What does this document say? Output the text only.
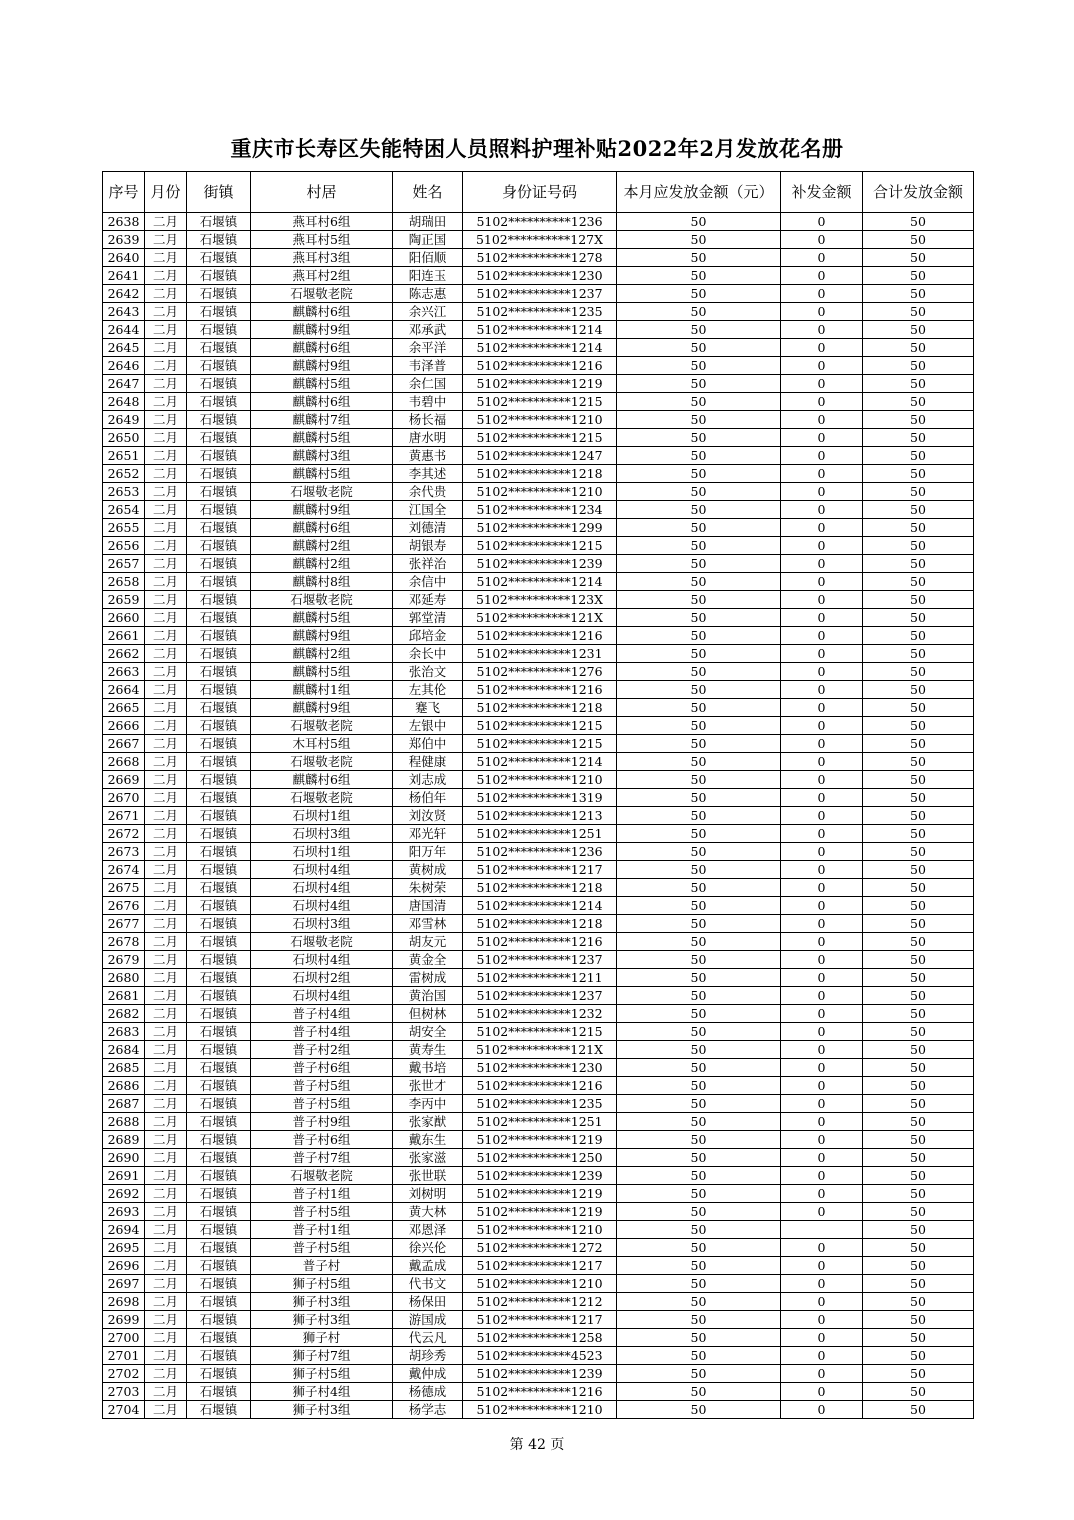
重庆市长寿区失能特困人员照料护理补贴2022年2月发放花名册
序号	月份	街镇	村居	姓名	身份证号码	本月应发放金额（元）	补发金额	合计发放金额
2638	二月	石堰镇	燕耳村6组	胡瑞田	5102**********1236	50	0	50
2639	二月	石堰镇	燕耳村5组	陶正国	5102**********127X	50	0	50
2640	二月	石堰镇	燕耳村3组	阳佰顺	5102**********1278	50	0	50
2641	二月	石堰镇	燕耳村2组	阳连玉	5102**********1230	50	0	50
2642	二月	石堰镇	石堰敬老院	陈志惠	5102**********1237	50	0	50
2643	二月	石堰镇	麒麟村6组	余兴江	5102**********1235	50	0	50
2644	二月	石堰镇	麒麟村9组	邓承武	5102**********1214	50	0	50
2645	二月	石堰镇	麒麟村6组	余平洋	5102**********1214	50	0	50
2646	二月	石堰镇	麒麟村9组	韦泽普	5102**********1216	50	0	50
2647	二月	石堰镇	麒麟村5组	余仁国	5102**********1219	50	0	50
2648	二月	石堰镇	麒麟村6组	韦碧中	5102**********1215	50	0	50
2649	二月	石堰镇	麒麟村7组	杨长福	5102**********1210	50	0	50
2650	二月	石堰镇	麒麟村5组	唐水明	5102**********1215	50	0	50
2651	二月	石堰镇	麒麟村3组	黄惠书	5102**********1247	50	0	50
2652	二月	石堰镇	麒麟村5组	李其述	5102**********1218	50	0	50
2653	二月	石堰镇	石堰敬老院	余代贵	5102**********1210	50	0	50
2654	二月	石堰镇	麒麟村9组	江国全	5102**********1234	50	0	50
2655	二月	石堰镇	麒麟村6组	刘德清	5102**********1299	50	0	50
2656	二月	石堰镇	麒麟村2组	胡银寿	5102**********1215	50	0	50
2657	二月	石堰镇	麒麟村2组	张祥治	5102**********1239	50	0	50
2658	二月	石堰镇	麒麟村8组	余信中	5102**********1214	50	0	50
2659	二月	石堰镇	石堰敬老院	邓延寿	5102**********123X	50	0	50
2660	二月	石堰镇	麒麟村5组	郭堂清	5102**********121X	50	0	50
2661	二月	石堰镇	麒麟村9组	邱培金	5102**********1216	50	0	50
2662	二月	石堰镇	麒麟村2组	余长中	5102**********1231	50	0	50
2663	二月	石堰镇	麒麟村5组	张治文	5102**********1276	50	0	50
2664	二月	石堰镇	麒麟村1组	左其伦	5102**********1216	50	0	50
2665	二月	石堰镇	麒麟村9组	蹇飞	5102**********1218	50	0	50
2666	二月	石堰镇	石堰敬老院	左银中	5102**********1215	50	0	50
2667	二月	石堰镇	木耳村5组	郑伯中	5102**********1215	50	0	50
2668	二月	石堰镇	石堰敬老院	程健康	5102**********1214	50	0	50
2669	二月	石堰镇	麒麟村6组	刘志成	5102**********1210	50	0	50
2670	二月	石堰镇	石堰敬老院	杨伯年	5102**********1319	50	0	50
2671	二月	石堰镇	石坝村1组	刘汝贤	5102**********1213	50	0	50
2672	二月	石堰镇	石坝村3组	邓光轩	5102**********1251	50	0	50
2673	二月	石堰镇	石坝村1组	阳万年	5102**********1236	50	0	50
2674	二月	石堰镇	石坝村4组	黄树成	5102**********1217	50	0	50
2675	二月	石堰镇	石坝村4组	朱树荣	5102**********1218	50	0	50
2676	二月	石堰镇	石坝村4组	唐国清	5102**********1214	50	0	50
2677	二月	石堰镇	石坝村3组	邓雪林	5102**********1218	50	0	50
2678	二月	石堰镇	石堰敬老院	胡友元	5102**********1216	50	0	50
2679	二月	石堰镇	石坝村4组	黄金全	5102**********1237	50	0	50
2680	二月	石堰镇	石坝村2组	雷树成	5102**********1211	50	0	50
2681	二月	石堰镇	石坝村4组	黄治国	5102**********1237	50	0	50
2682	二月	石堰镇	普子村4组	但树林	5102**********1232	50	0	50
2683	二月	石堰镇	普子村4组	胡安全	5102**********1215	50	0	50
2684	二月	石堰镇	普子村2组	黄寿生	5102**********121X	50	0	50
2685	二月	石堰镇	普子村6组	戴书培	5102**********1230	50	0	50
2686	二月	石堰镇	普子村5组	张世才	5102**********1216	50	0	50
2687	二月	石堰镇	普子村5组	李丙中	5102**********1235	50	0	50
2688	二月	石堰镇	普子村9组	张家猷	5102**********1251	50	0	50
2689	二月	石堰镇	普子村6组	戴东生	5102**********1219	50	0	50
2690	二月	石堰镇	普子村7组	张家滋	5102**********1250	50	0	50
2691	二月	石堰镇	石堰敬老院	张世联	5102**********1239	50	0	50
2692	二月	石堰镇	普子村1组	刘树明	5102**********1219	50	0	50
2693	二月	石堰镇	普子村5组	黄大林	5102**********1219	50	0	50
2694	二月	石堰镇	普子村1组	邓恩泽	5102**********1210	50		50
2695	二月	石堰镇	普子村5组	徐兴伦	5102**********1272	50	0	50
2696	二月	石堰镇	普子村	戴孟成	5102**********1217	50	0	50
2697	二月	石堰镇	狮子村5组	代书文	5102**********1210	50	0	50
2698	二月	石堰镇	狮子村3组	杨保田	5102**********1212	50	0	50
2699	二月	石堰镇	狮子村3组	游国成	5102**********1217	50	0	50
2700	二月	石堰镇	狮子村	代云凡	5102**********1258	50	0	50
2701	二月	石堰镇	狮子村7组	胡珍秀	5102**********4523	50	0	50
2702	二月	石堰镇	狮子村5组	戴仲成	5102**********1239	50	0	50
2703	二月	石堰镇	狮子村4组	杨德成	5102**********1216	50	0	50
2704	二月	石堰镇	狮子村3组	杨学志	5102**********1210	50	0	50
第 42 页
